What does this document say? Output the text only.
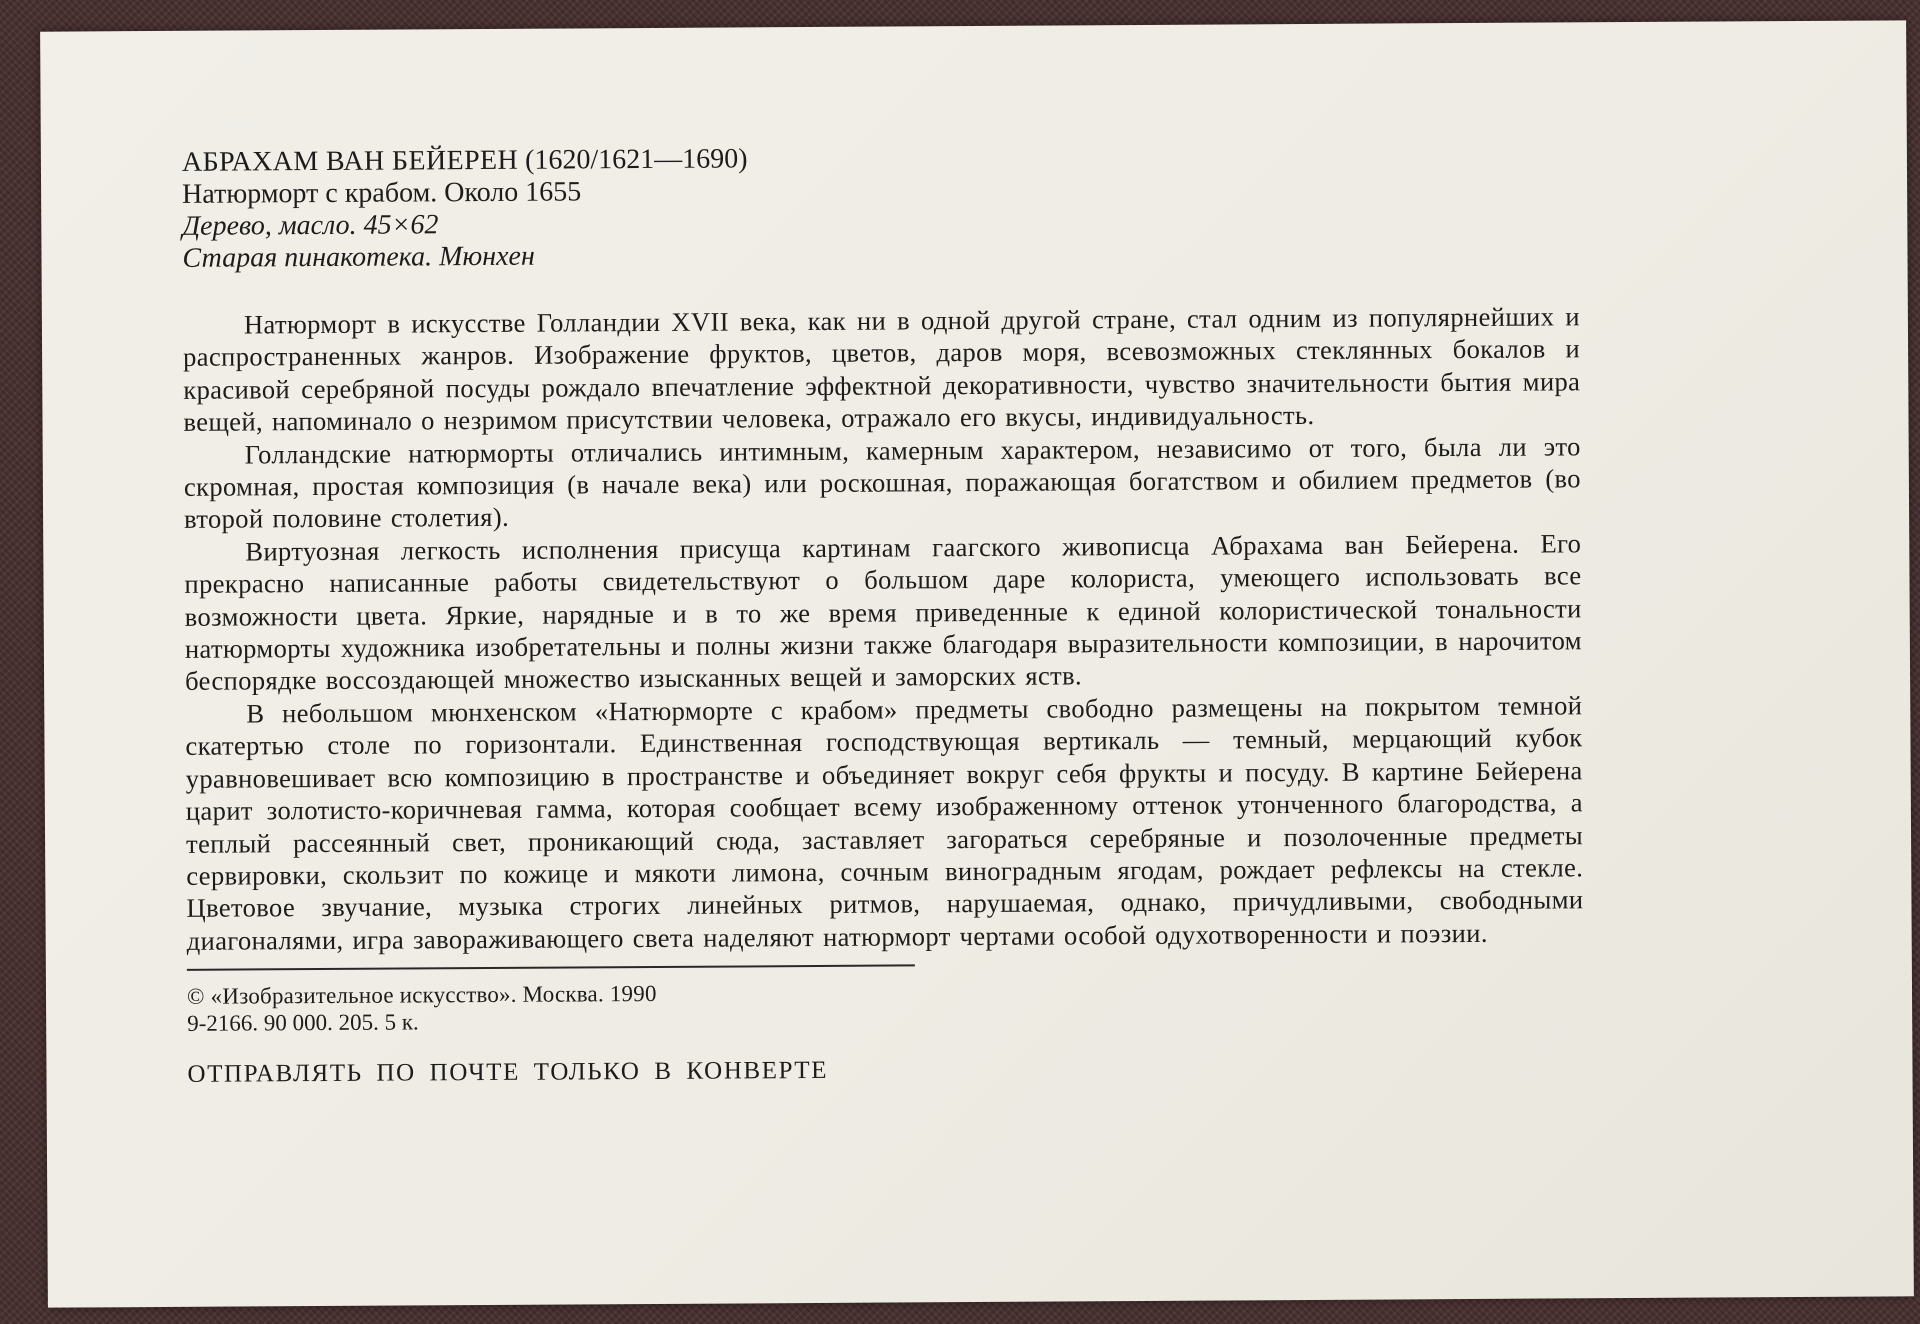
АБРАХАМ ВАН БЕЙЕРЕН (1620/1621—1690)
Натюрморт с крабом. Около 1655
Дерево, масло. 45×62
Старая пинакотека. Мюнхен

Натюрморт в искусстве Голландии XVII века, как ни в одной другой стране, стал одним из популярнейших и распространенных жанров. Изображение фруктов, цветов, даров моря, всевозможных стеклянных бокалов и красивой серебряной посуды рождало впечатление эффектной декоративности, чувство значительности бытия мира вещей, напоминало о незримом присутствии человека, отражало его вкусы, индивидуальность.

Голландские натюрморты отличались интимным, камерным характером, независимо от того, была ли это скромная, простая композиция (в начале века) или роскошная, поражающая богатством и обилием предметов (во второй половине столетия).

Виртуозная легкость исполнения присуща картинам гаагского живописца Абрахама ван Бейерена. Его прекрасно написанные работы свидетельствуют о большом даре колориста, умеющего использовать все возможности цвета. Яркие, нарядные и в то же время приведенные к единой колористической тональности натюрморты художника изобретательны и полны жизни также благодаря выразительности композиции, в нарочитом беспорядке воссоздающей множество изысканных вещей и заморских яств.

В небольшом мюнхенском «Натюрморте с крабом» предметы свободно размещены на покрытом темной скатертью столе по горизонтали. Единственная господствующая вертикаль — темный, мерцающий кубок уравновешивает всю композицию в пространстве и объединяет вокруг себя фрукты и посуду. В картине Бейерена царит золотисто-коричневая гамма, которая сообщает всему изображенному оттенок утонченного благородства, а теплый рассеянный свет, проникающий сюда, заставляет загораться серебряные и позолоченные предметы сервировки, скользит по кожице и мякоти лимона, сочным виноградным ягодам, рождает рефлексы на стекле. Цветовое звучание, музыка строгих линейных ритмов, нарушаемая, однако, причудливыми, свободными диагоналями, игра завораживающего света наделяют натюрморт чертами особой одухотворенности и поэзии.

© «Изобразительное искусство». Москва. 1990
9-2166. 90 000. 205. 5 к.
ОТПРАВЛЯТЬ ПО ПОЧТЕ ТОЛЬКО В КОНВЕРТЕ
